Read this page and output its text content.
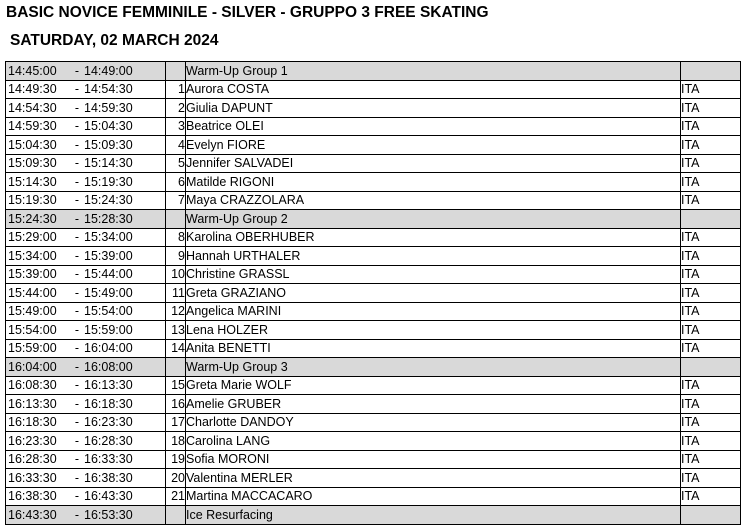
BASIC NOVICE FEMMINILE - SILVER - GRUPPO 3 FREE SKATING
SATURDAY, 02 MARCH 2024
14:45:00 - 14:49:00		Warm-Up Group 1	
14:49:30 - 14:54:30	1	Aurora COSTA	ITA
14:54:30 - 14:59:30	2	Giulia DAPUNT	ITA
14:59:30 - 15:04:30	3	Beatrice OLEI	ITA
15:04:30 - 15:09:30	4	Evelyn FIORE	ITA
15:09:30 - 15:14:30	5	Jennifer SALVADEI	ITA
15:14:30 - 15:19:30	6	Matilde RIGONI	ITA
15:19:30 - 15:24:30	7	Maya CRAZZOLARA	ITA
15:24:30 - 15:28:30		Warm-Up Group 2	
15:29:00 - 15:34:00	8	Karolina OBERHUBER	ITA
15:34:00 - 15:39:00	9	Hannah URTHALER	ITA
15:39:00 - 15:44:00	10	Christine GRASSL	ITA
15:44:00 - 15:49:00	11	Greta GRAZIANO	ITA
15:49:00 - 15:54:00	12	Angelica MARINI	ITA
15:54:00 - 15:59:00	13	Lena HOLZER	ITA
15:59:00 - 16:04:00	14	Anita BENETTI	ITA
16:04:00 - 16:08:00		Warm-Up Group 3	
16:08:30 - 16:13:30	15	Greta Marie WOLF	ITA
16:13:30 - 16:18:30	16	Amelie GRUBER	ITA
16:18:30 - 16:23:30	17	Charlotte DANDOY	ITA
16:23:30 - 16:28:30	18	Carolina LANG	ITA
16:28:30 - 16:33:30	19	Sofia MORONI	ITA
16:33:30 - 16:38:30	20	Valentina MERLER	ITA
16:38:30 - 16:43:30	21	Martina MACCACARO	ITA
16:43:30 - 16:53:30		Ice Resurfacing	
